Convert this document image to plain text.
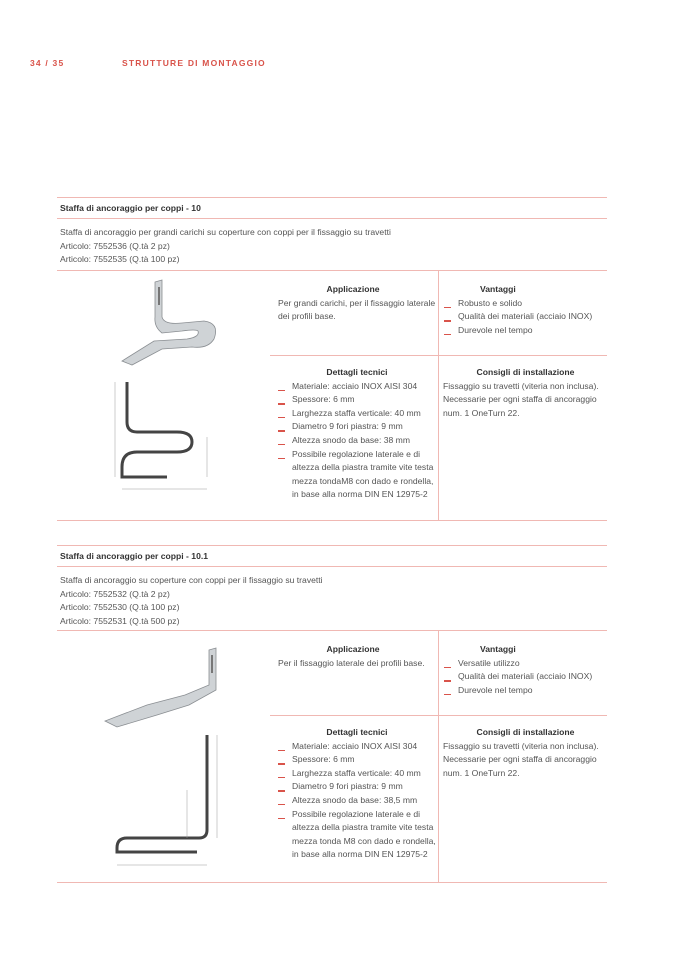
34 / 35	STRUTTURE DI MONTAGGIO
Staffa di ancoraggio per coppi - 10
Staffa di ancoraggio per grandi carichi su coperture con coppi per il fissaggio su travetti
Articolo: 7552536 (Q.tà 2 pz)
Articolo: 7552535 (Q.tà 100 pz)
Applicazione

Per grandi carichi, per il fissaggio laterale dei profili base.

Vantaggi
Robusto e solido
Qualità dei materiali (acciaio INOX)
Durevole nel tempo
Dettagli tecnici
Materiale: acciaio INOX AISI 304
Spessore: 6 mm
Larghezza staffa verticale: 40 mm
Diametro 9 fori piastra: 9 mm
Altezza snodo da base: 38 mm
Possibile regolazione laterale e di altezza della piastra tramite vite testa mezza tondaM8 con dado e rondella, in base alla norma DIN EN 12975-2
Consigli di installazione

Fissaggio su travetti (viteria non inclusa).

Necessarie per ogni staffa di ancoraggio num. 1 OneTurn 22.

Staffa di ancoraggio per coppi - 10.1
Staffa di ancoraggio su coperture con coppi per il fissaggio su travetti
Articolo: 7552532 (Q.tà 2 pz)
Articolo: 7552530 (Q.tà 100 pz)
Articolo: 7552531 (Q.tà 500 pz)
Applicazione

Per il fissaggio laterale dei profili base.

Vantaggi
Versatile utilizzo
Qualità dei materiali (acciaio INOX)
Durevole nel tempo
Dettagli tecnici
Materiale: acciaio INOX AISI 304
Spessore: 6 mm
Larghezza staffa verticale: 40 mm
Diametro 9 fori piastra: 9 mm
Altezza snodo da base: 38,5 mm
Possibile regolazione laterale e di altezza della piastra tramite vite testa mezza tonda M8 con dado e rondella, in base alla norma DIN EN 12975-2
Consigli di installazione

Fissaggio su travetti (viteria non inclusa).

Necessarie per ogni staffa di ancoraggio num. 1 OneTurn 22.
